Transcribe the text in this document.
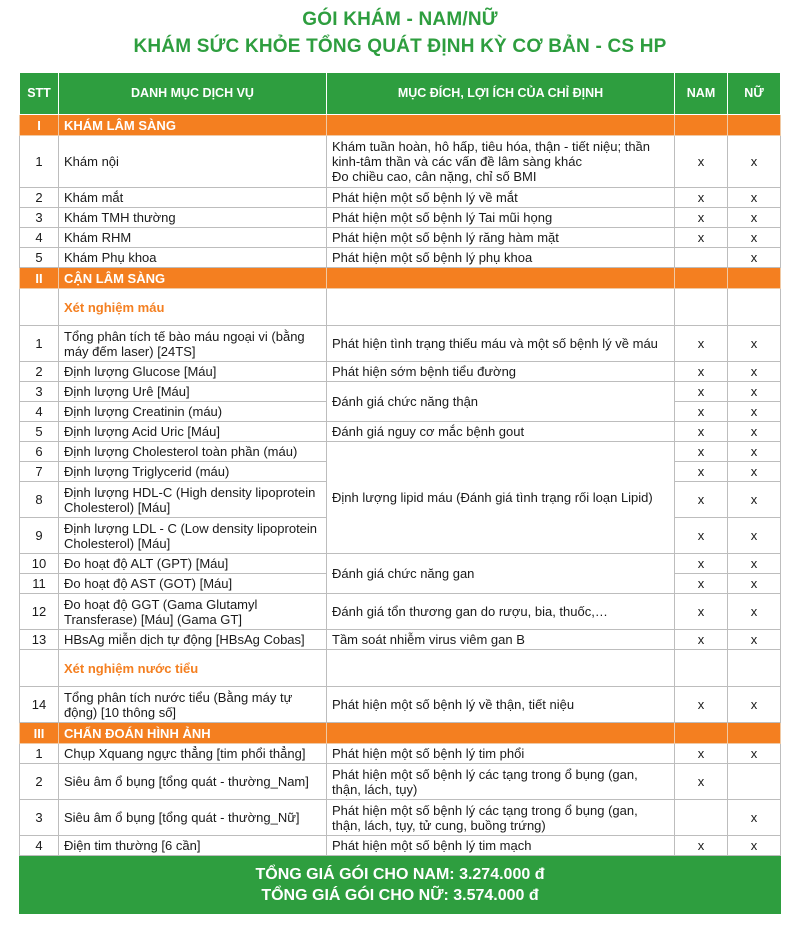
GÓI KHÁM - NAM/NỮ
KHÁM SỨC KHỎE TỔNG QUÁT ĐỊNH KỲ CƠ BẢN - CS HP
STT	DANH MỤC DỊCH VỤ	MỤC ĐÍCH, LỢI ÍCH CỦA CHỈ ĐỊNH	NAM	NỮ
I	KHÁM LÂM SÀNG			
1	Khám nội	Khám tuần hoàn, hô hấp, tiêu hóa, thận - tiết niệu; thần kinh-tâm thần và các vấn đề lâm sàng khác
Đo chiều cao, cân nặng, chỉ số BMI	x	x
2	Khám mắt	Phát hiện một số bệnh lý về mắt	x	x
3	Khám TMH thường	Phát hiện một số bệnh lý Tai mũi họng	x	x
4	Khám RHM	Phát hiện một số bệnh lý răng hàm mặt	x	x
5	Khám Phụ khoa	Phát hiện một số bệnh lý phụ khoa		x
II	CẬN LÂM SÀNG			
	Xét nghiệm máu			
1	Tổng phân tích tế bào máu ngoại vi (bằng máy đếm laser) [24TS]	Phát hiện tình trạng thiếu máu và một số bệnh lý về máu	x	x
2	Định lượng Glucose [Máu]	Phát hiện sớm bệnh tiểu đường	x	x
3	Định lượng Urê [Máu]	Đánh giá chức năng thận	x	x
4	Định lượng Creatinin (máu)		x	x
5	Định lượng Acid Uric [Máu]	Đánh giá nguy cơ mắc bệnh gout	x	x
6	Định lượng Cholesterol toàn phần (máu)	Định lượng lipid máu (Đánh giá tình trạng rối loạn Lipid)	x	x
7	Định lượng Triglycerid (máu)		x	x
8	Định lượng HDL-C (High density lipoprotein Cholesterol) [Máu]		x	x
9	Định lượng LDL - C (Low density lipoprotein Cholesterol) [Máu]		x	x
10	Đo hoạt độ ALT (GPT) [Máu]	Đánh giá chức năng gan	x	x
11	Đo hoạt độ AST (GOT) [Máu]		x	x
12	Đo hoạt độ GGT (Gama Glutamyl Transferase) [Máu] (Gama GT]	Đánh giá tổn thương gan do rượu, bia, thuốc,…	x	x
13	HBsAg miễn dịch tự động [HBsAg Cobas]	Tầm soát nhiễm virus viêm gan B	x	x
	Xét nghiệm nước tiểu			
14	Tổng phân tích nước tiểu (Bằng máy tự động) [10 thông số]	Phát hiện một số bệnh lý về thận, tiết niệu	x	x
III	CHẨN ĐOÁN HÌNH ẢNH			
1	Chụp Xquang ngực thẳng [tim phổi thẳng]	Phát hiện một số bệnh lý tim phổi	x	x
2	Siêu âm ổ bụng [tổng quát - thường_Nam]	Phát hiện một số bệnh lý các tạng trong ổ bụng (gan, thận, lách, tụy)	x	
3	Siêu âm ổ bụng [tổng quát - thường_Nữ]	Phát hiện một số bệnh lý các tạng trong ổ bụng (gan, thận, lách, tụy, tử cung, buồng trứng)		x
4	Điện tim thường [6 cần]	Phát hiện một số bệnh lý tim mạch	x	x

TỔNG GIÁ GÓI CHO NAM: 3.274.000 đ
TỔNG GIÁ GÓI CHO NỮ: 3.574.000 đ				
